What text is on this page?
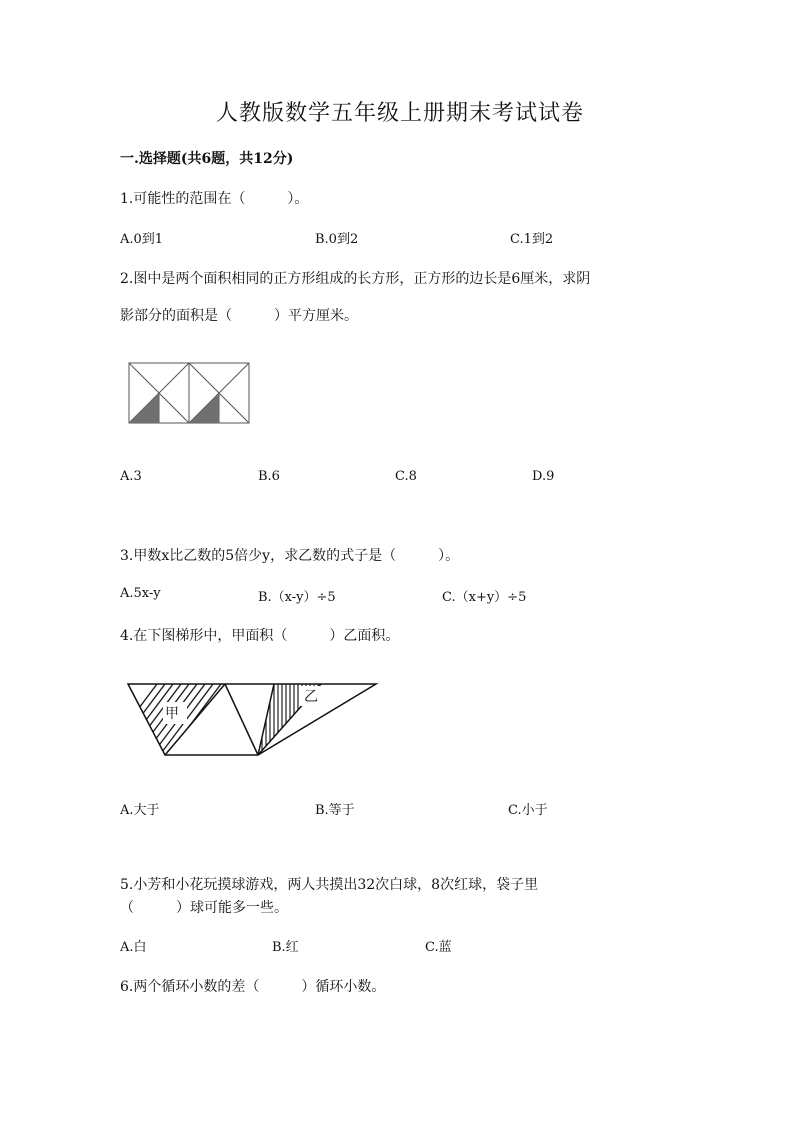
人教版数学五年级上册期末考试试卷
一.选择题(共6题，共12分)
1.可能性的范围在（　　　）。
A.0到1	B.0到2	C.1到2
2.图中是两个面积相同的正方形组成的长方形，正方形的边长是6厘米，求阴
影部分的面积是（　　　）平方厘米。
A.3	B.6	C.8	D.9
3.甲数x比乙数的5倍少y，求乙数的式子是（　　　）。
A.5x-y	B.（x-y）÷5	C.（x+y）÷5
4.在下图梯形中，甲面积（　　　）乙面积。
甲
乙
A.大于	B.等于	C.小于
5.小芳和小花玩摸球游戏，两人共摸出32次白球，8次红球，袋子里
（　　　）球可能多一些。
A.白	B.红	C.蓝
6.两个循环小数的差（　　　）循环小数。
